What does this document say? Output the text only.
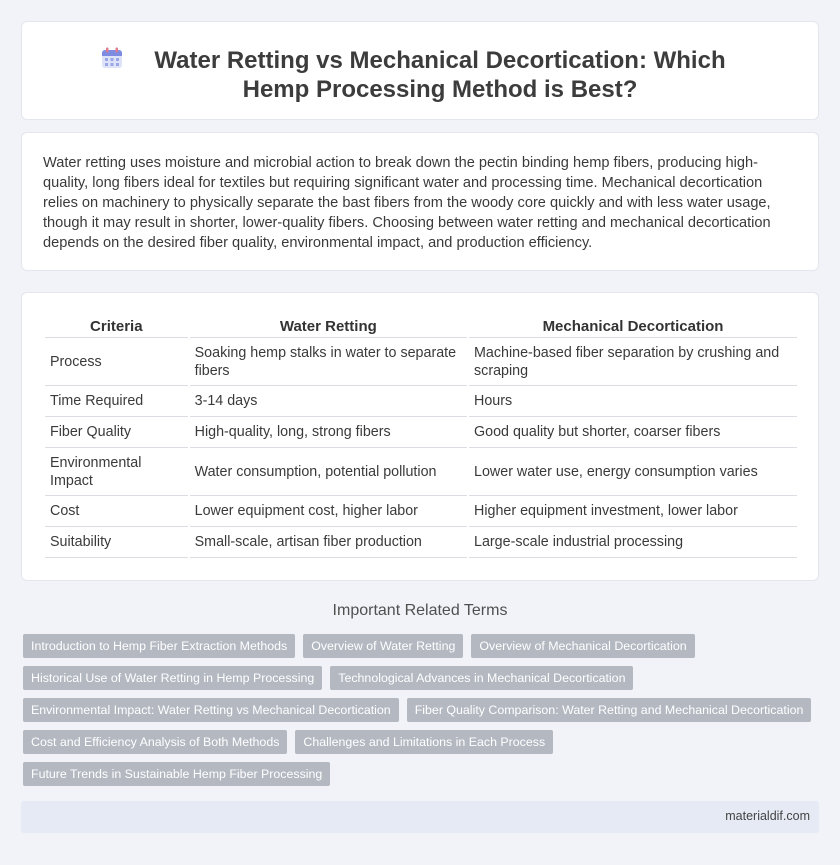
Water Retting vs Mechanical Decortication: Which Hemp Processing Method is Best?

Water retting uses moisture and microbial action to break down the pectin binding hemp fibers, producing high-quality, long fibers ideal for textiles but requiring significant water and processing time. Mechanical decortication relies on machinery to physically separate the bast fibers from the woody core quickly and with less water usage, though it may result in shorter, lower-quality fibers. Choosing between water retting and mechanical decortication depends on the desired fiber quality, environmental impact, and production efficiency.

Criteria	Water Retting	Mechanical Decortication
Process	Soaking hemp stalks in water to separate fibers	Machine-based fiber separation by crushing and scraping
Time Required	3-14 days	Hours
Fiber Quality	High-quality, long, strong fibers	Good quality but shorter, coarser fibers
Environmental Impact	Water consumption, potential pollution	Lower water use, energy consumption varies
Cost	Lower equipment cost, higher labor	Higher equipment investment, lower labor
Suitability	Small-scale, artisan fiber production	Large-scale industrial processing
Important Related Terms
Introduction to Hemp Fiber Extraction Methods	Overview of Water Retting	Overview of Mechanical Decortication
Historical Use of Water Retting in Hemp Processing	Technological Advances in Mechanical Decortication
Environmental Impact: Water Retting vs Mechanical Decortication	Fiber Quality Comparison: Water Retting and Mechanical Decortication
Cost and Efficiency Analysis of Both Methods	Challenges and Limitations in Each Process
Future Trends in Sustainable Hemp Fiber Processing
materialdif.com
